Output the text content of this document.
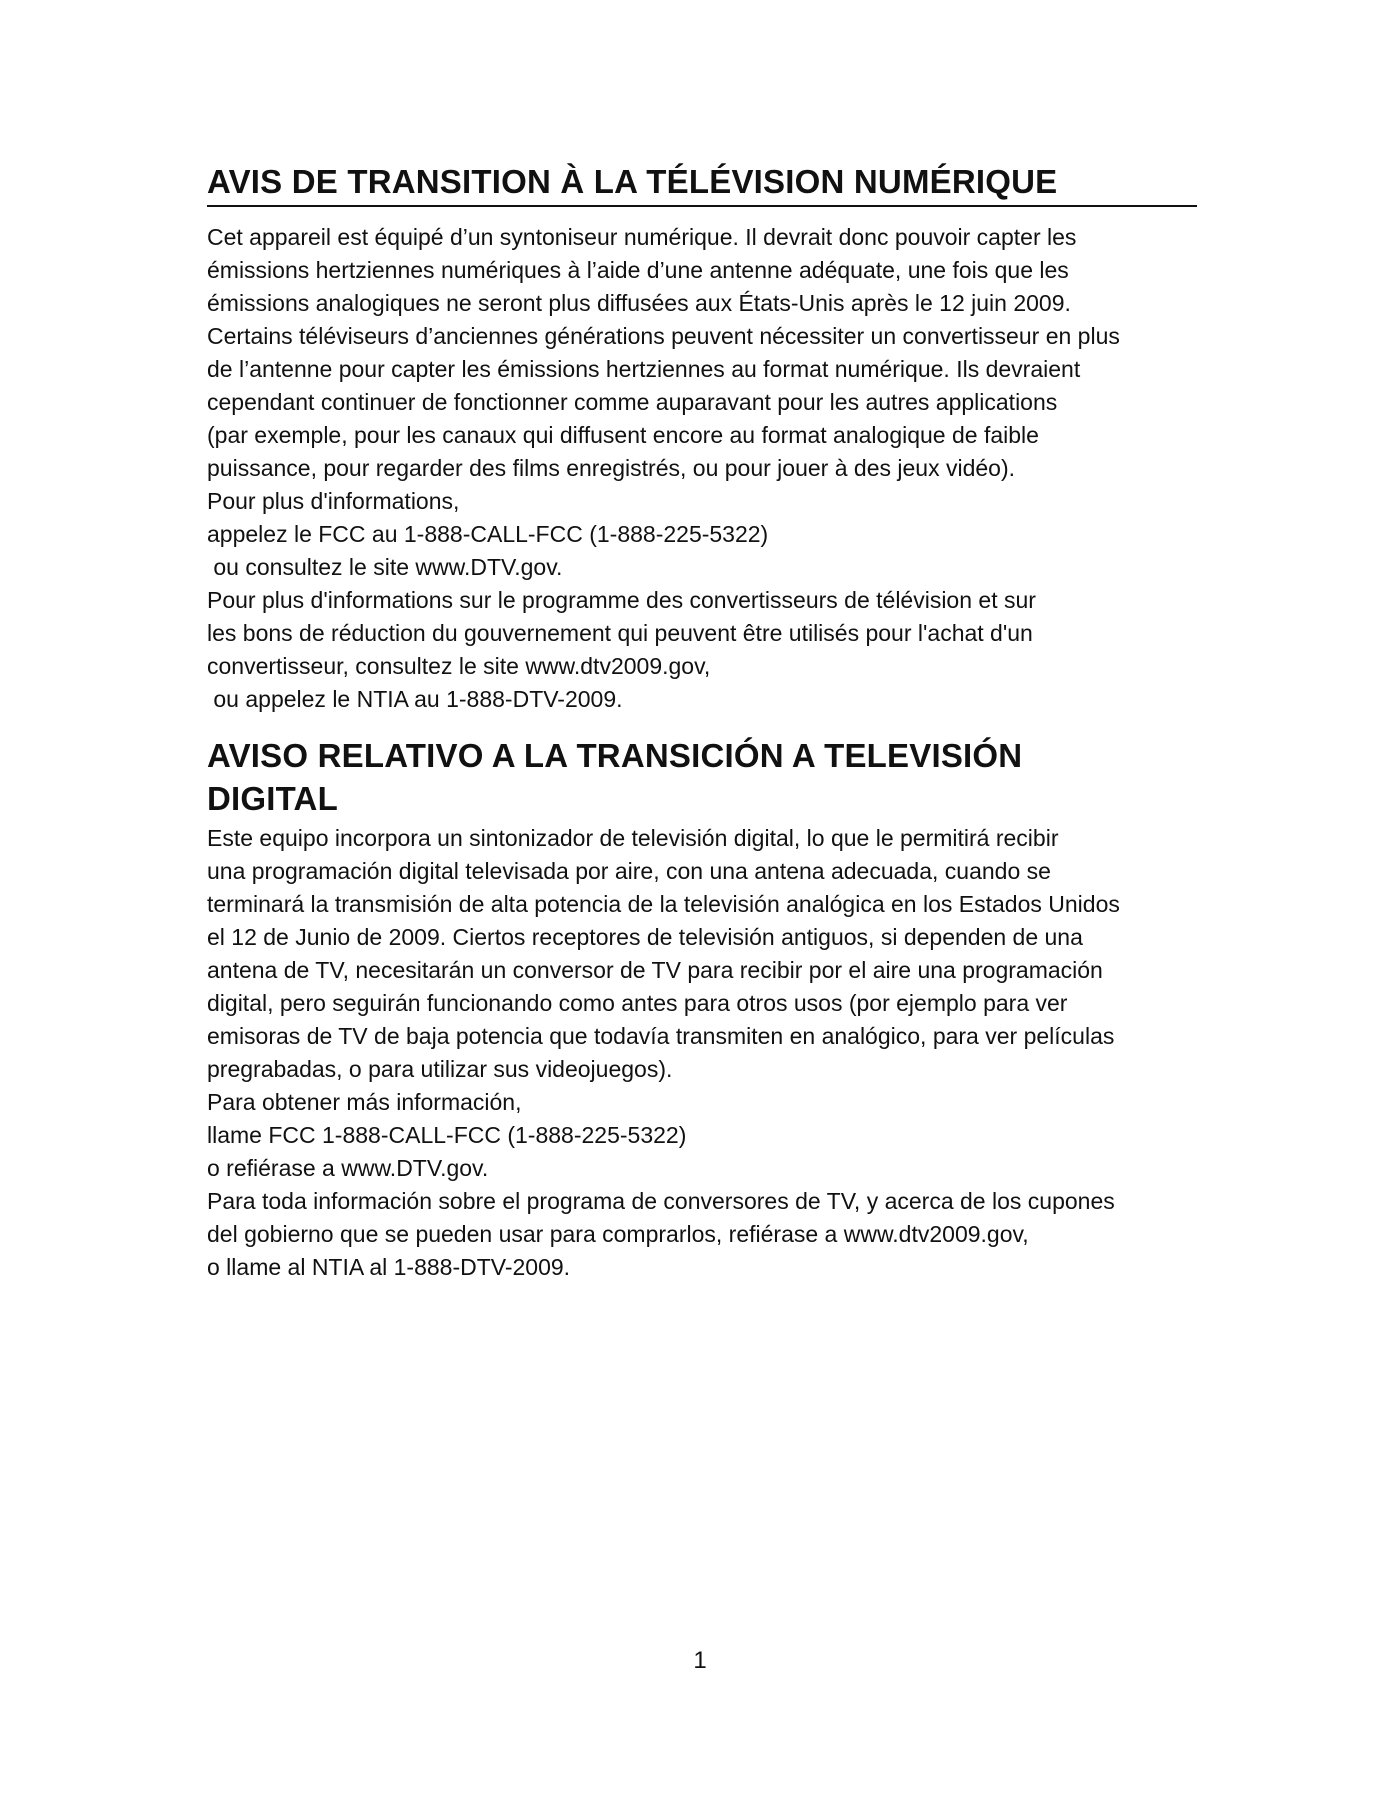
AVIS DE TRANSITION À LA TÉLÉVISION NUMÉRIQUE
Cet appareil est équipé d’un syntoniseur numérique. Il devrait donc pouvoir capter les
émissions hertziennes numériques à l’aide d’une antenne adéquate, une fois que les
émissions analogiques ne seront plus diffusées aux États-Unis après le 12 juin 2009.
Certains téléviseurs d’anciennes générations peuvent nécessiter un convertisseur en plus
de l’antenne pour capter les émissions hertziennes au format numérique. Ils devraient
cependant continuer de fonctionner comme auparavant pour les autres applications
(par exemple, pour les canaux qui diffusent encore au format analogique de faible
puissance, pour regarder des films enregistrés, ou pour jouer à des jeux vidéo).
Pour plus d'informations,
appelez le FCC au 1-888-CALL-FCC (1-888-225-5322)
ou consultez le site www.DTV.gov.
Pour plus d'informations sur le programme des convertisseurs de télévision et sur
les bons de réduction du gouvernement qui peuvent être utilisés pour l'achat d'un
convertisseur, consultez le site www.dtv2009.gov,
ou appelez le NTIA au 1-888-DTV-2009.
AVISO RELATIVO A LA TRANSICIÓN A TELEVISIÓN
DIGITAL
Este equipo incorpora un sintonizador de televisión digital, lo que le permitirá recibir
una programación digital televisada por aire, con una antena adecuada, cuando se
terminará la transmisión de alta potencia de la televisión analógica en los Estados Unidos
el 12 de Junio de 2009. Ciertos receptores de televisión antiguos, si dependen de una
antena de TV, necesitarán un conversor de TV para recibir por el aire una programación
digital, pero seguirán funcionando como antes para otros usos (por ejemplo para ver
emisoras de TV de baja potencia que todavía transmiten en analógico, para ver películas
pregrabadas, o para utilizar sus videojuegos).
Para obtener más información,
llame FCC 1-888-CALL-FCC (1-888-225-5322)
o refiérase a www.DTV.gov.
Para toda información sobre el programa de conversores de TV, y acerca de los cupones
del gobierno que se pueden usar para comprarlos, refiérase a www.dtv2009.gov,
o llame al NTIA al 1-888-DTV-2009.
1
